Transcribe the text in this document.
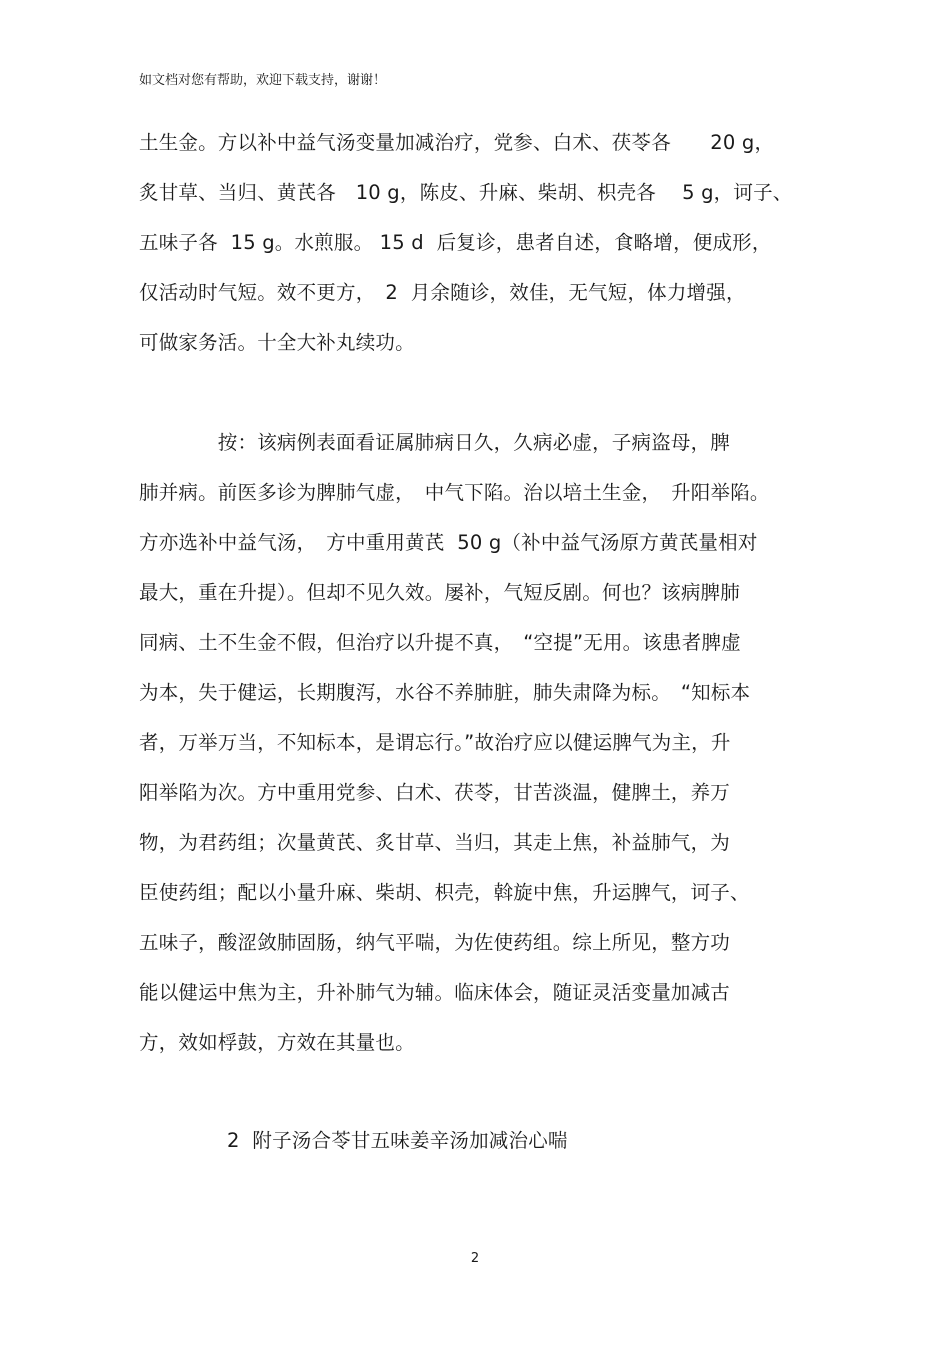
如文档对您有帮助，欢迎下载支持，谢谢！
土生金。方以补中益气汤变量加减治疗，党参、白术、茯苓各　　20 g，
炙甘草、当归、黄芪各　10 g，陈皮、升麻、柴胡、枳壳各　 5 g，诃子、
五味子各  15 g。水煎服。 15 d  后复诊，患者自述，食略增，便成形，
仅活动时气短。效不更方，　2  月余随诊，效佳，无气短，体力增强，
可做家务活。十全大补丸续功。
　　　　按：该病例表面看证属肺病日久，久病必虚，子病盗母，脾
肺并病。前医多诊为脾肺气虚，　中气下陷。治以培土生金，　升阳举陷。
方亦选补中益气汤，　方中重用黄芪  50 g（补中益气汤原方黄芪量相对
最大，重在升提）。但却不见久效。屡补，气短反剧。何也？该病脾肺
同病、土不生金不假，但治疗以升提不真，　“空提”无用。该患者脾虚
为本，失于健运，长期腹泻，水谷不养肺脏，肺失肃降为标。　“知标本
者，万举万当，不知标本，是谓忘行。”故治疗应以健运脾气为主，升
阳举陷为次。方中重用党参、白术、茯苓，甘苦淡温，健脾土，养万
物，为君药组；次量黄芪、炙甘草、当归，其走上焦，补益肺气，为
臣使药组；配以小量升麻、柴胡、枳壳，斡旋中焦，升运脾气，诃子、
五味子，酸涩敛肺固肠，纳气平喘，为佐使药组。综上所见，整方功
能以健运中焦为主，升补肺气为辅。临床体会，随证灵活变量加减古
方，效如桴鼓，方效在其量也。
2  附子汤合苓甘五味姜辛汤加减治心喘
2
